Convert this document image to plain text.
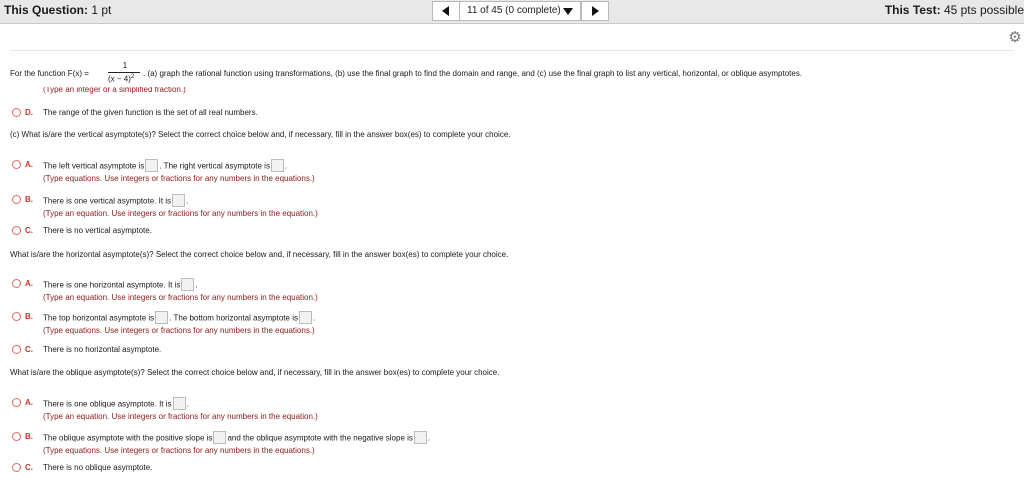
This Question: 1 pt	11 of 45 (0 complete)	This Test: 45 pts possible
⚙
For the function F(x) =
1
$(x - 4)^2$ . (a) graph the rational function using transformations, (b) use the final graph to find the domain and range, and (c) use the final graph to list any vertical, horizontal, or oblique asymptotes.
(Type an integer or a simplified fraction.)
D. The range of the given function is the set of all real numbers.
(c) What is/are the vertical asymptote(s)? Select the correct choice below and, if necessary, fill in the answer box(es) to complete your choice.
A. The left vertical asymptote is . The right vertical asymptote is .
(Type equations. Use integers or fractions for any numbers in the equations.)
B. There is one vertical asymptote. It is .
(Type an equation. Use integers or fractions for any numbers in the equation.)
C. There is no vertical asymptote.
What is/are the horizontal asymptote(s)? Select the correct choice below and, if necessary, fill in the answer box(es) to complete your choice.
A. There is one horizontal asymptote. It is .
(Type an equation. Use integers or fractions for any numbers in the equation.)
B. The top horizontal asymptote is . The bottom horizontal asymptote is .
(Type equations. Use integers or fractions for any numbers in the equations.)
C. There is no horizontal asymptote.
What is/are the oblique asymptote(s)? Select the correct choice below and, if necessary, fill in the answer box(es) to complete your choice.
A. There is one oblique asymptote. It is .
(Type an equation. Use integers or fractions for any numbers in the equation.)
B. The oblique asymptote with the positive slope is and the oblique asymptote with the negative slope is .
(Type equations. Use integers or fractions for any numbers in the equations.)
C. There is no oblique asymptote.
